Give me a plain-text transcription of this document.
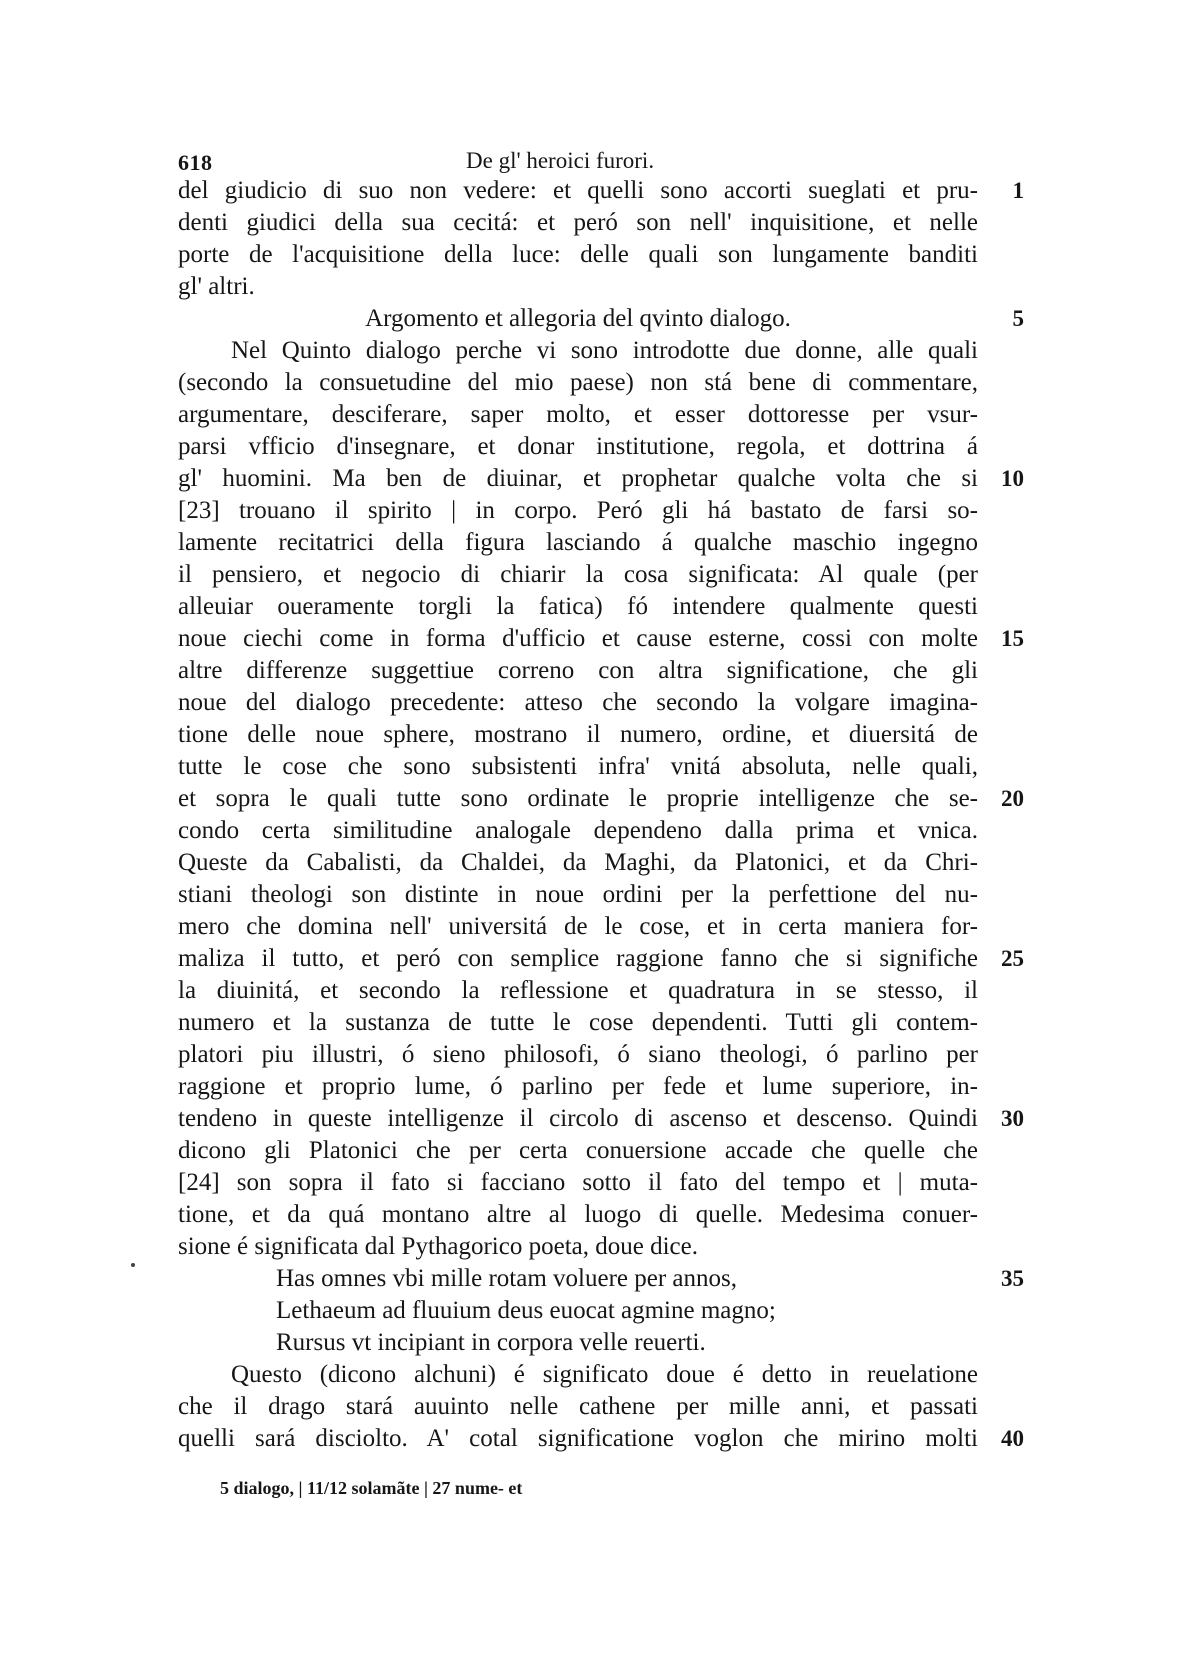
618	De gl' heroici furori.
del giudicio di suo non vedere: et quelli sono accorti sueglati et pru-
denti giudici della sua cecitá: et peró son nell' inquisitione, et nelle
porte de l'acquisitione della luce: delle quali son lungamente banditi
gl' altri.
Argomento et allegoria del qvinto dialogo.
Nel Quinto dialogo perche vi sono introdotte due donne, alle quali
(secondo la consuetudine del mio paese) non stá bene di commentare,
argumentare, desciferare, saper molto, et esser dottoresse per vsur-
parsi vfficio d'insegnare, et donar institutione, regola, et dottrina á
gl' huomini. Ma ben de diuinar, et prophetar qualche volta che si
[23] trouano il spirito | in corpo. Peró gli há bastato de farsi so-
lamente recitatrici della figura lasciando á qualche maschio ingegno
il pensiero, et negocio di chiarir la cosa significata: Al quale (per
alleuiar oueramente torgli la fatica) fó intendere qualmente questi
noue ciechi come in forma d'ufficio et cause esterne, cossi con molte
altre differenze suggettiue correno con altra significatione, che gli
noue del dialogo precedente: atteso che secondo la volgare imagina-
tione delle noue sphere, mostrano il numero, ordine, et diuersitá de
tutte le cose che sono subsistenti infra' vnitá absoluta, nelle quali,
et sopra le quali tutte sono ordinate le proprie intelligenze che se-
condo certa similitudine analogale dependeno dalla prima et vnica.
Queste da Cabalisti, da Chaldei, da Maghi, da Platonici, et da Chri-
stiani theologi son distinte in noue ordini per la perfettione del nu-
mero che domina nell' universitá de le cose, et in certa maniera for-
maliza il tutto, et peró con semplice raggione fanno che si significhe
la diuinitá, et secondo la reflessione et quadratura in se stesso, il
numero et la sustanza de tutte le cose dependenti. Tutti gli contem-
platori piu illustri, ó sieno philosofi, ó siano theologi, ó parlino per
raggione et proprio lume, ó parlino per fede et lume superiore, in-
tendeno in queste intelligenze il circolo di ascenso et descenso. Quindi
dicono gli Platonici che per certa conuersione accade che quelle che
[24] son sopra il fato si facciano sotto il fato del tempo et | muta-
tione, et da quá montano altre al luogo di quelle. Medesima conuer-
sione é significata dal Pythagorico poeta, doue dice.
Has omnes vbi mille rotam voluere per annos,
Lethaeum ad fluuium deus euocat agmine magno;
Rursus vt incipiant in corpora velle reuerti.
Questo (dicono alchuni) é significato doue é detto in reuelatione
che il drago stará auuinto nelle cathene per mille anni, et passati
quelli sará disciolto. A' cotal significatione voglon che mirino molti
1
5
10
15
20
25
30
35
40
5 dialogo, | 11/12 solamãte | 27 nume- et
